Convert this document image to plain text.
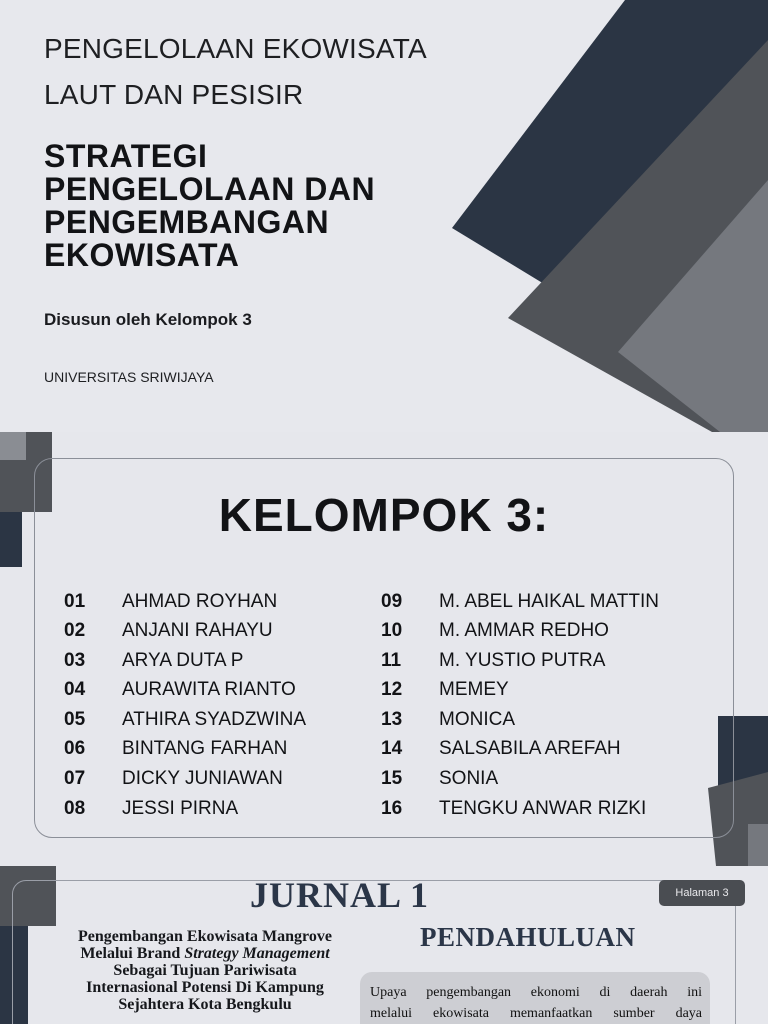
PENGELOLAAN EKOWISATA
LAUT DAN PESISIR
STRATEGI
PENGELOLAAN DAN
PENGEMBANGAN
EKOWISATA
Disusun oleh Kelompok 3
UNIVERSITAS SRIWIJAYA
KELOMPOK 3:
01	AHMAD ROYHAN
02	ANJANI RAHAYU
03	ARYA DUTA P
04	AURAWITA RIANTO
05	ATHIRA SYADZWINA
06	BINTANG FARHAN
07	DICKY JUNIAWAN
08	JESSI PIRNA
09	M. ABEL HAIKAL MATTIN
10	M. AMMAR REDHO
11	M. YUSTIO PUTRA
12	MEMEY
13	MONICA
14	SALSABILA AREFAH
15	SONIA
16	TENGKU ANWAR RIZKI
JURNAL 1	Halaman 3
Pengembangan Ekowisata Mangrove
Melalui Brand Strategy Management
Sebagai Tujuan Pariwisata
Internasional Potensi Di Kampung
Sejahtera Kota Bengkulu
PENDAHULUAN
Upaya pengembangan ekonomi di daerah ini
melalui ekowisata memanfaatkan sumber daya
